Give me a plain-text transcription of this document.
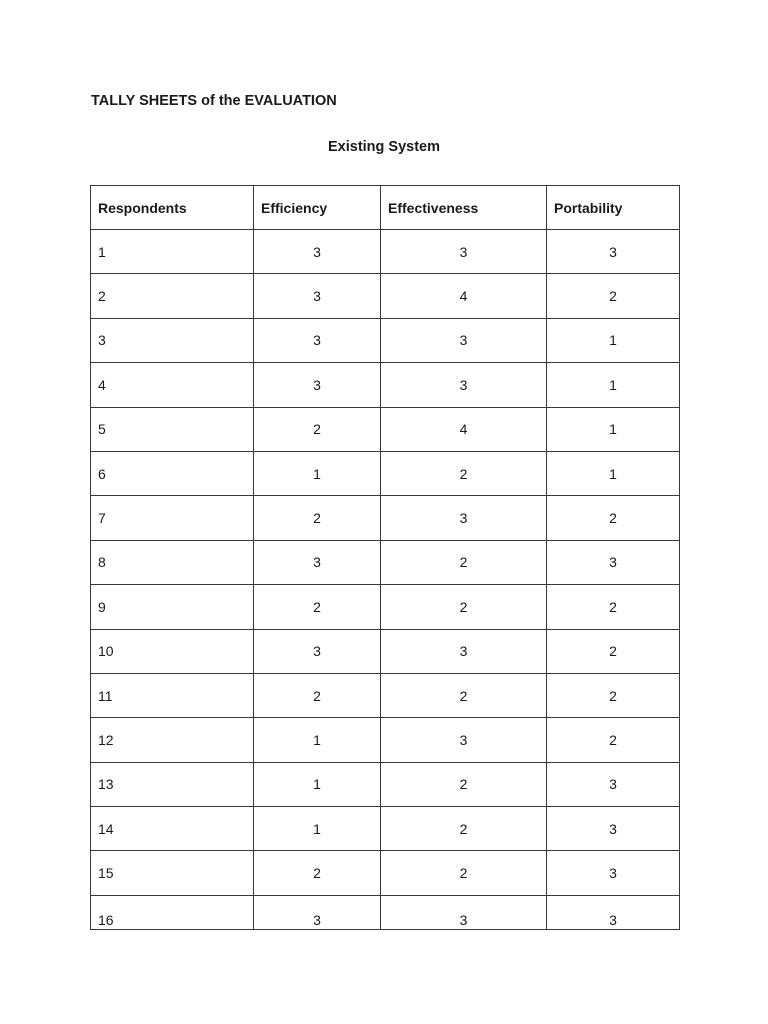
TALLY SHEETS of the EVALUATION
Existing System
Respondents	Efficiency	Effectiveness	Portability
1	3	3	3
2	3	4	2
3	3	3	1
4	3	3	1
5	2	4	1
6	1	2	1
7	2	3	2
8	3	2	3
9	2	2	2
10	3	3	2
11	2	2	2
12	1	3	2
13	1	2	3
14	1	2	3
15	2	2	3
16	3	3	3
